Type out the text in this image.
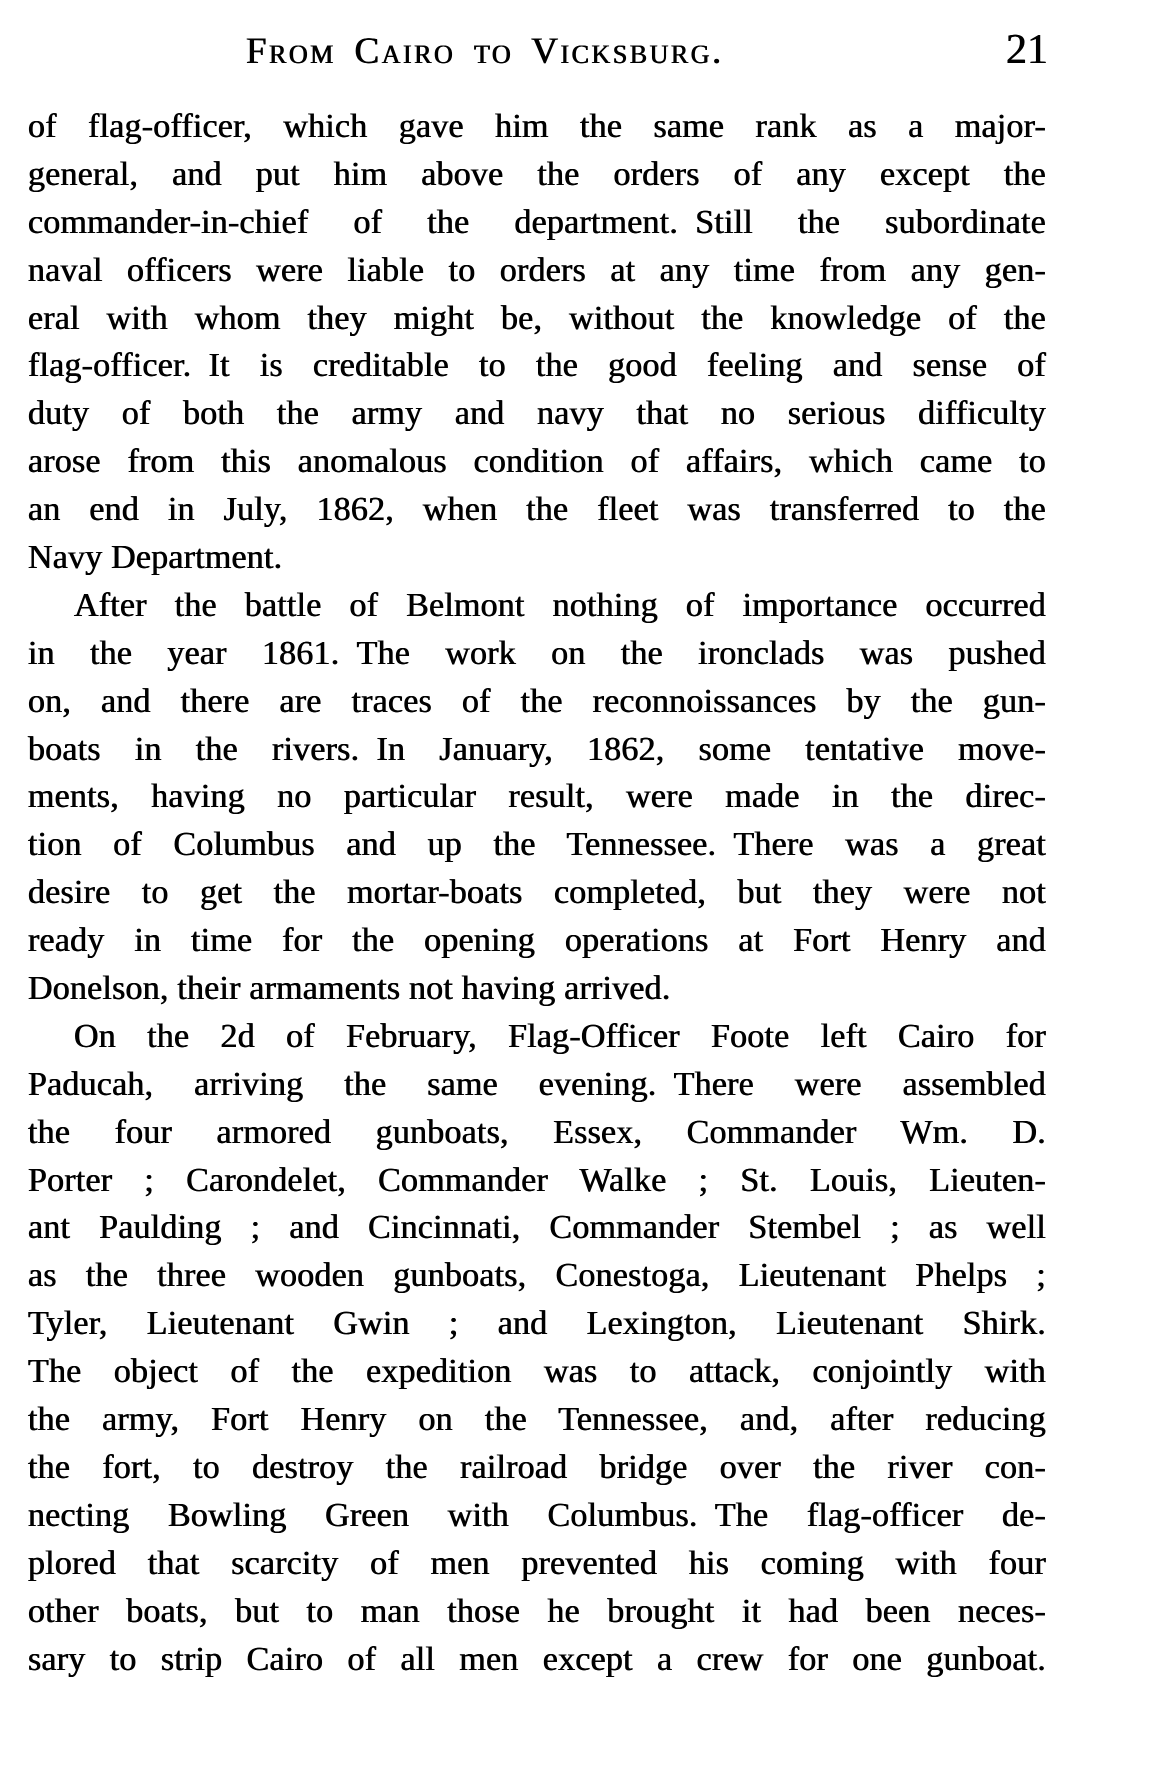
From Cairo to Vicksburg.	21
of flag-officer, which gave him the same rank as a major-
general, and put him above the orders of any except the
commander-in-chief of the department. Still the subordinate
naval officers were liable to orders at any time from any gen-
eral with whom they might be, without the knowledge of the
flag-officer. It is creditable to the good feeling and sense of
duty of both the army and navy that no serious difficulty
arose from this anomalous condition of affairs, which came to
an end in July, 1862, when the fleet was transferred to the
Navy Department.
After the battle of Belmont nothing of importance occurred
in the year 1861. The work on the ironclads was pushed
on, and there are traces of the reconnoissances by the gun-
boats in the rivers. In January, 1862, some tentative move-
ments, having no particular result, were made in the direc-
tion of Columbus and up the Tennessee. There was a great
desire to get the mortar-boats completed, but they were not
ready in time for the opening operations at Fort Henry and
Donelson, their armaments not having arrived.
On the 2d of February, Flag-Officer Foote left Cairo for
Paducah, arriving the same evening. There were assembled
the four armored gunboats, Essex, Commander Wm. D.
Porter ; Carondelet, Commander Walke ; St. Louis, Lieuten-
ant Paulding ; and Cincinnati, Commander Stembel ; as well
as the three wooden gunboats, Conestoga, Lieutenant Phelps ;
Tyler, Lieutenant Gwin ; and Lexington, Lieutenant Shirk.
The object of the expedition was to attack, conjointly with
the army, Fort Henry on the Tennessee, and, after reducing
the fort, to destroy the railroad bridge over the river con-
necting Bowling Green with Columbus. The flag-officer de-
plored that scarcity of men prevented his coming with four
other boats, but to man those he brought it had been neces-
sary to strip Cairo of all men except a crew for one gunboat.
